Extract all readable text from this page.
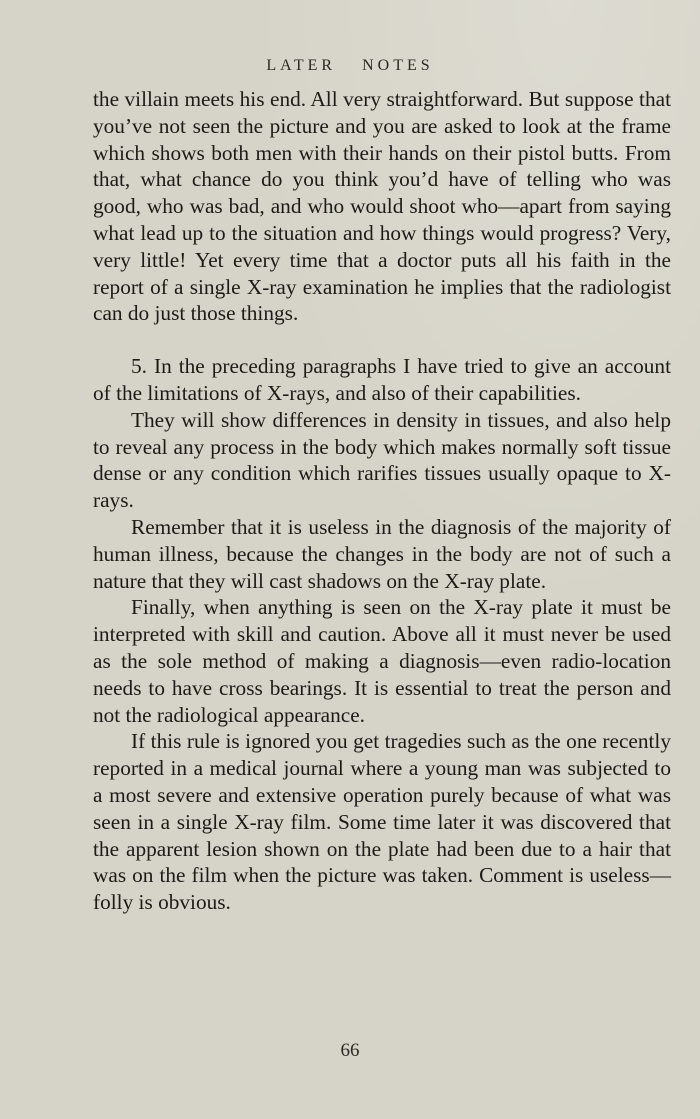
LATER NOTES

the villain meets his end. All very straightforward. But suppose that you’ve not seen the picture and you are asked to look at the frame which shows both men with their hands on their pistol butts. From that, what chance do you think you’d have of telling who was good, who was bad, and who would shoot who—apart from saying what lead up to the situation and how things would progress? Very, very little! Yet every time that a doctor puts all his faith in the report of a single X-ray examination he implies that the radiologist can do just those things.

5. In the preceding paragraphs I have tried to give an account of the limitations of X-rays, and also of their capabilities.

They will show differences in density in tissues, and also help to reveal any process in the body which makes normally soft tissue dense or any condition which rarifies tissues usually opaque to X-rays.

Remember that it is useless in the diagnosis of the majority of human illness, because the changes in the body are not of such a nature that they will cast shadows on the X-ray plate.

Finally, when anything is seen on the X-ray plate it must be interpreted with skill and caution. Above all it must never be used as the sole method of making a diagnosis—even radio-location needs to have cross bearings. It is essential to treat the person and not the radiological appearance.

If this rule is ignored you get tragedies such as the one recently reported in a medical journal where a young man was subjected to a most severe and extensive operation purely because of what was seen in a single X-ray film. Some time later it was discovered that the apparent lesion shown on the plate had been due to a hair that was on the film when the picture was taken. Comment is useless—folly is obvious.

66
